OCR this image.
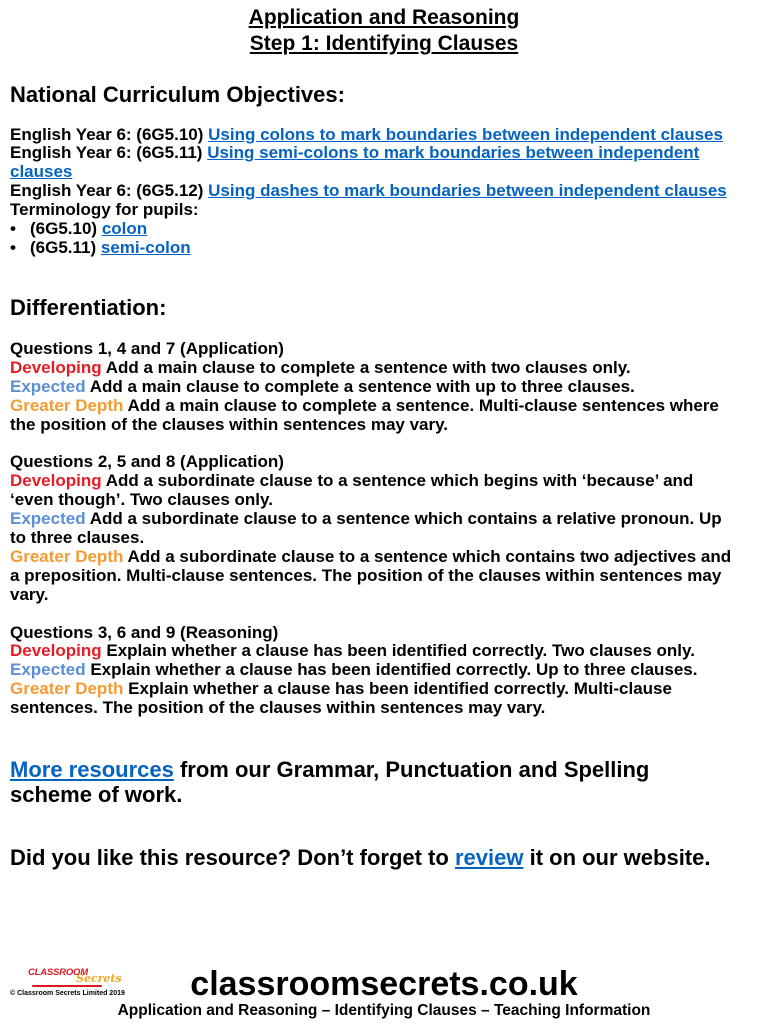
Application and Reasoning
Step 1: Identifying Clauses
National Curriculum Objectives:
English Year 6: (6G5.10) Using colons to mark boundaries between independent clauses
English Year 6: (6G5.11) Using semi-colons to mark boundaries between independent clauses
English Year 6: (6G5.12) Using dashes to mark boundaries between independent clauses
Terminology for pupils:
• (6G5.10) colon
• (6G5.11) semi-colon
Differentiation:
Questions 1, 4 and 7 (Application)
Developing Add a main clause to complete a sentence with two clauses only.
Expected Add a main clause to complete a sentence with up to three clauses.
Greater Depth Add a main clause to complete a sentence. Multi-clause sentences where
the position of the clauses within sentences may vary.
Questions 2, 5 and 8 (Application)
Developing Add a subordinate clause to a sentence which begins with ‘because’ and
‘even though’. Two clauses only.
Expected Add a subordinate clause to a sentence which contains a relative pronoun. Up
to three clauses.
Greater Depth Add a subordinate clause to a sentence which contains two adjectives and
a preposition. Multi-clause sentences. The position of the clauses within sentences may
vary.
Questions 3, 6 and 9 (Reasoning)
Developing Explain whether a clause has been identified correctly. Two clauses only.
Expected Explain whether a clause has been identified correctly. Up to three clauses.
Greater Depth Explain whether a clause has been identified correctly. Multi-clause
sentences. The position of the clauses within sentences may vary.
More resources from our Grammar, Punctuation and Spelling scheme of work.
Did you like this resource? Don’t forget to review it on our website.
CLASSROOM
Secrets
© Classroom Secrets Limited 2019	classroomsecrets.co.uk
Application and Reasoning – Identifying Clauses – Teaching Information
